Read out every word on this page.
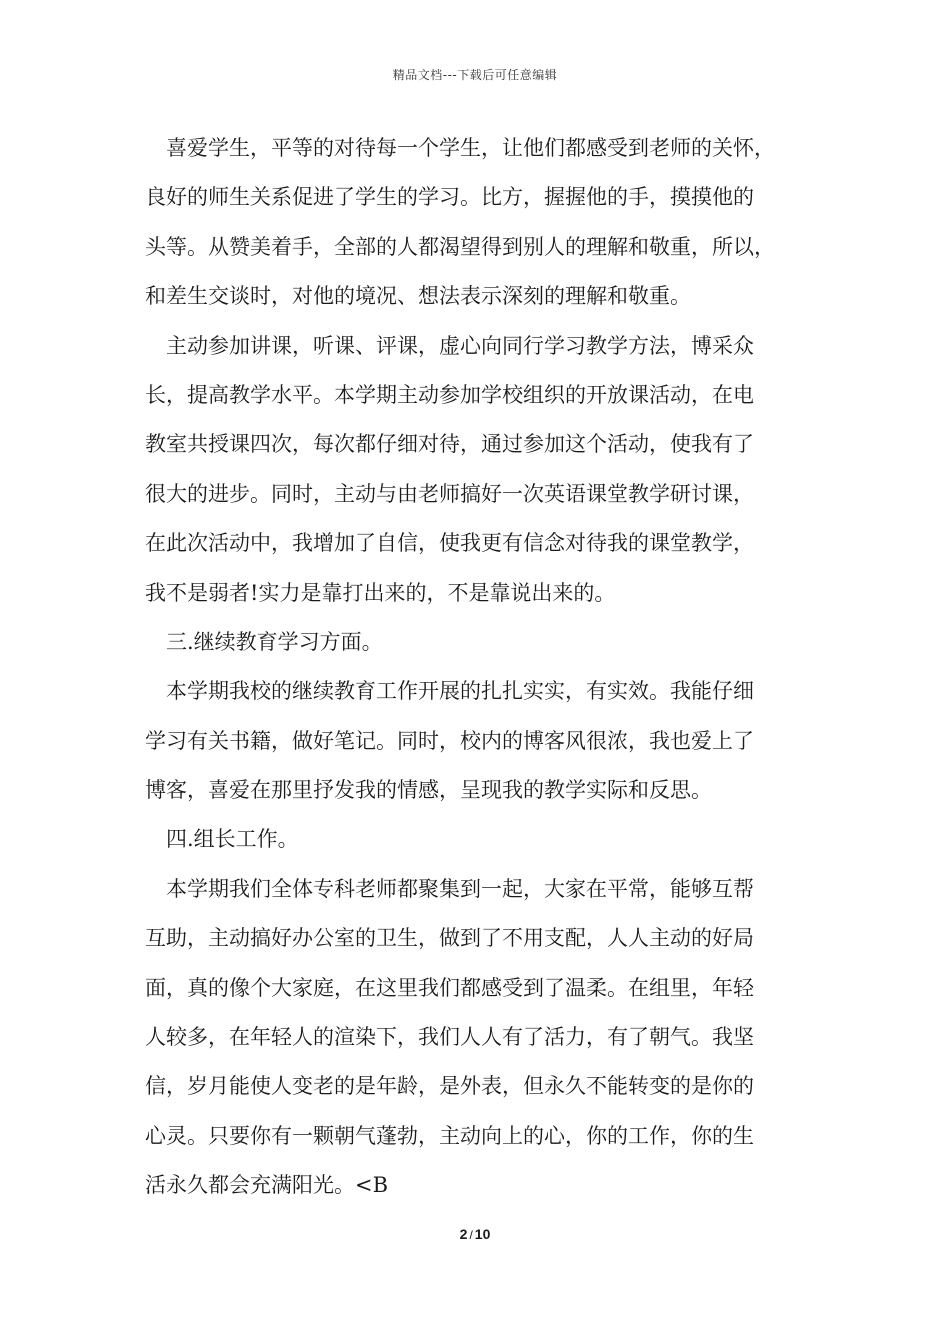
精品文档---下载后可任意编辑
喜爱学生，平等的对待每一个学生，让他们都感受到老师的关怀，
良好的师生关系促进了学生的学习。比方，握握他的手，摸摸他的
头等。从赞美着手，全部的人都渴望得到别人的理解和敬重，所以，
和差生交谈时，对他的境况、想法表示深刻的理解和敬重。
主动参加讲课，听课、评课，虚心向同行学习教学方法，博采众
长，提高教学水平。本学期主动参加学校组织的开放课活动，在电
教室共授课四次，每次都仔细对待，通过参加这个活动，使我有了
很大的进步。同时，主动与由老师搞好一次英语课堂教学研讨课，
在此次活动中，我增加了自信，使我更有信念对待我的课堂教学，
我不是弱者!实力是靠打出来的，不是靠说出来的。
三.继续教育学习方面。
本学期我校的继续教育工作开展的扎扎实实，有实效。我能仔细
学习有关书籍，做好笔记。同时，校内的博客风很浓，我也爱上了
博客，喜爱在那里抒发我的情感，呈现我的教学实际和反思。
四.组长工作。
本学期我们全体专科老师都聚集到一起，大家在平常，能够互帮
互助，主动搞好办公室的卫生，做到了不用支配，人人主动的好局
面，真的像个大家庭，在这里我们都感受到了温柔。在组里，年轻
人较多，在年轻人的渲染下，我们人人有了活力，有了朝气。我坚
信，岁月能使人变老的是年龄，是外表，但永久不能转变的是你的
心灵。只要你有一颗朝气蓬勃，主动向上的心，你的工作，你的生
活永久都会充满阳光。<B
2 / 10
